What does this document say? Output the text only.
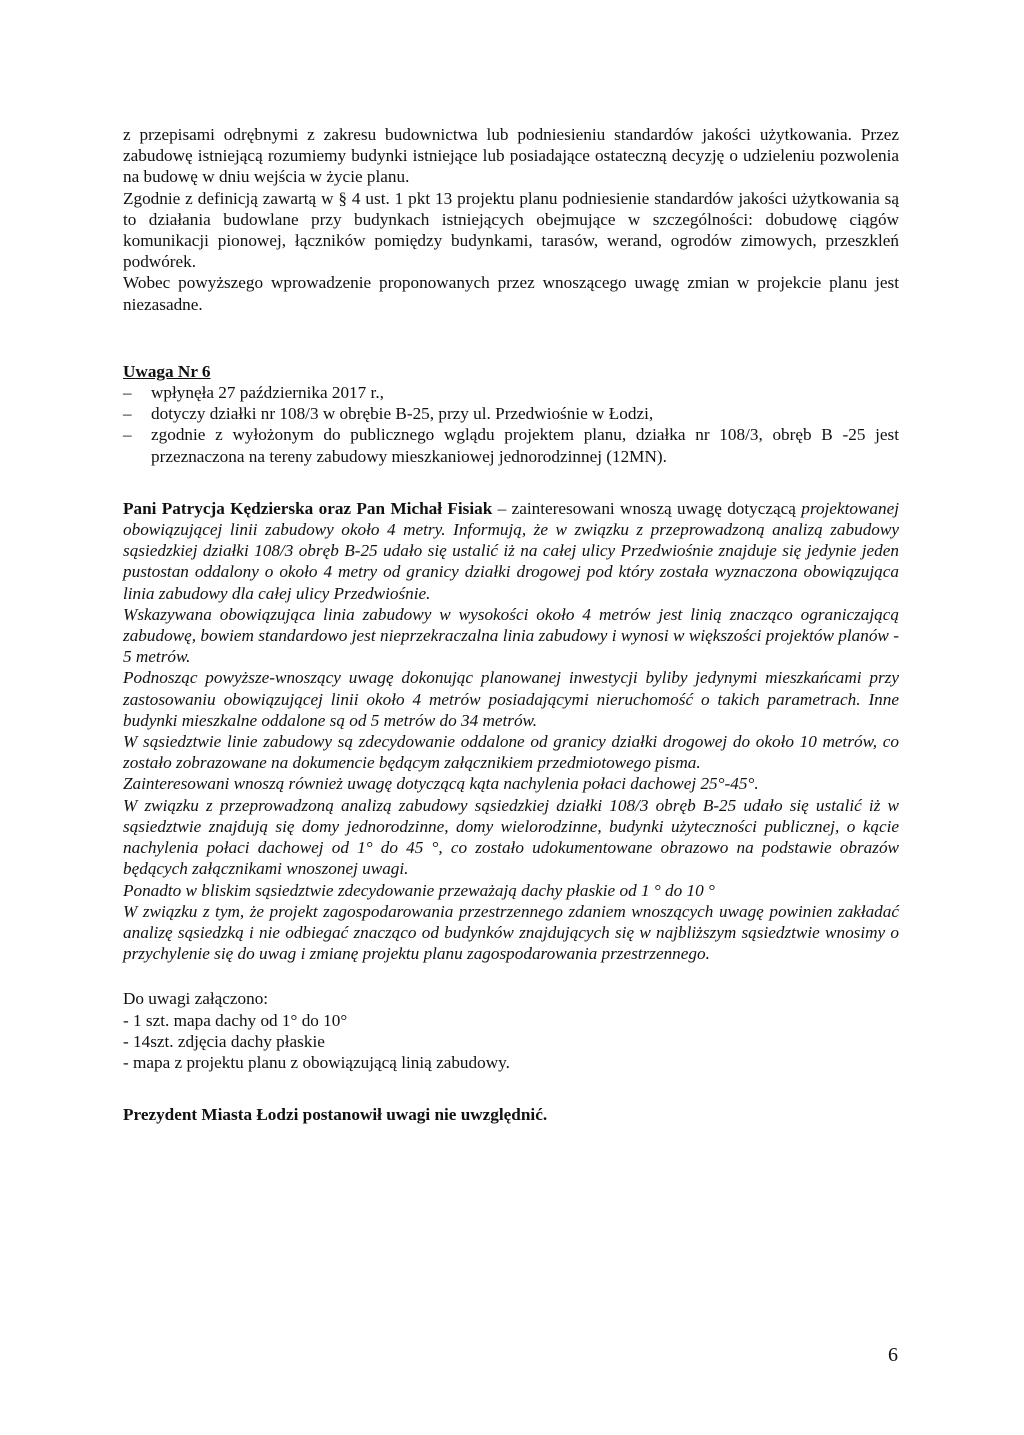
z przepisami odrębnymi z zakresu budownictwa lub podniesieniu standardów jakości użytkowania. Przez zabudowę istniejącą rozumiemy budynki istniejące lub posiadające ostateczną decyzję o udzieleniu pozwolenia na budowę w dniu wejścia w życie planu.

Zgodnie z definicją zawartą w § 4 ust. 1 pkt 13 projektu planu podniesienie standardów jakości użytkowania są to działania budowlane przy budynkach istniejących obejmujące w szczególności: dobudowę ciągów komunikacji pionowej, łączników pomiędzy budynkami, tarasów, werand, ogrodów zimowych, przeszkleń podwórek.

Wobec powyższego wprowadzenie proponowanych przez wnoszącego uwagę zmian w projekcie planu jest niezasadne.

Uwaga Nr 6

– wpłynęła 27 października 2017 r.,
– dotyczy działki nr 108/3 w obrębie B-25, przy ul. Przedwiośnie w Łodzi,
– zgodnie z wyłożonym do publicznego wglądu projektem planu, działka nr 108/3, obręb B -25 jest przeznaczona na tereny zabudowy mieszkaniowej jednorodzinnej (12MN).

Pani Patrycja Kędzierska oraz Pan Michał Fisiak – zainteresowani wnoszą uwagę dotyczącą projektowanej obowiązującej linii zabudowy około 4 metry. Informują, że w związku z przeprowadzoną analizą zabudowy sąsiedzkiej działki 108/3 obręb B-25 udało się ustalić iż na całej ulicy Przedwiośnie znajduje się jedynie jeden pustostan oddalony o około 4 metry od granicy działki drogowej pod który została wyznaczona obowiązująca linia zabudowy dla całej ulicy Przedwiośnie.

Wskazywana obowiązująca linia zabudowy w wysokości około 4 metrów jest linią znacząco ograniczającą zabudowę, bowiem standardowo jest nieprzekraczalna linia zabudowy i wynosi w większości projektów planów - 5 metrów.

Podnosząc powyższe-wnoszący uwagę dokonując planowanej inwestycji byliby jedynymi mieszkańcami przy zastosowaniu obowiązującej linii około 4 metrów posiadającymi nieruchomość o takich parametrach. Inne budynki mieszkalne oddalone są od 5 metrów do 34 metrów.

W sąsiedztwie linie zabudowy są zdecydowanie oddalone od granicy działki drogowej do około 10 metrów, co zostało zobrazowane na dokumencie będącym załącznikiem przedmiotowego pisma.

Zainteresowani wnoszą również uwagę dotyczącą kąta nachylenia połaci dachowej 25°-45°.

W związku z przeprowadzoną analizą zabudowy sąsiedzkiej działki 108/3 obręb B-25 udało się ustalić iż w sąsiedztwie znajdują się domy jednorodzinne, domy wielorodzinne, budynki użyteczności publicznej, o kącie nachylenia połaci dachowej od 1° do 45 °, co zostało udokumentowane obrazowo na podstawie obrazów będących załącznikami wnoszonej uwagi.

Ponadto w bliskim sąsiedztwie zdecydowanie przeważają dachy płaskie od 1 ° do 10 °

W związku z tym, że projekt zagospodarowania przestrzennego zdaniem wnoszących uwagę powinien zakładać analizę sąsiedzką i nie odbiegać znacząco od budynków znajdujących się w najbliższym sąsiedztwie wnosimy o przychylenie się do uwag i zmianę projektu planu zagospodarowania przestrzennego.

Do uwagi załączono:

- 1 szt. mapa dachy od 1° do 10°
- 14szt. zdjęcia dachy płaskie
- mapa z projektu planu z obowiązującą linią zabudowy.

Prezydent Miasta Łodzi postanowił uwagi nie uwzględnić.

6
